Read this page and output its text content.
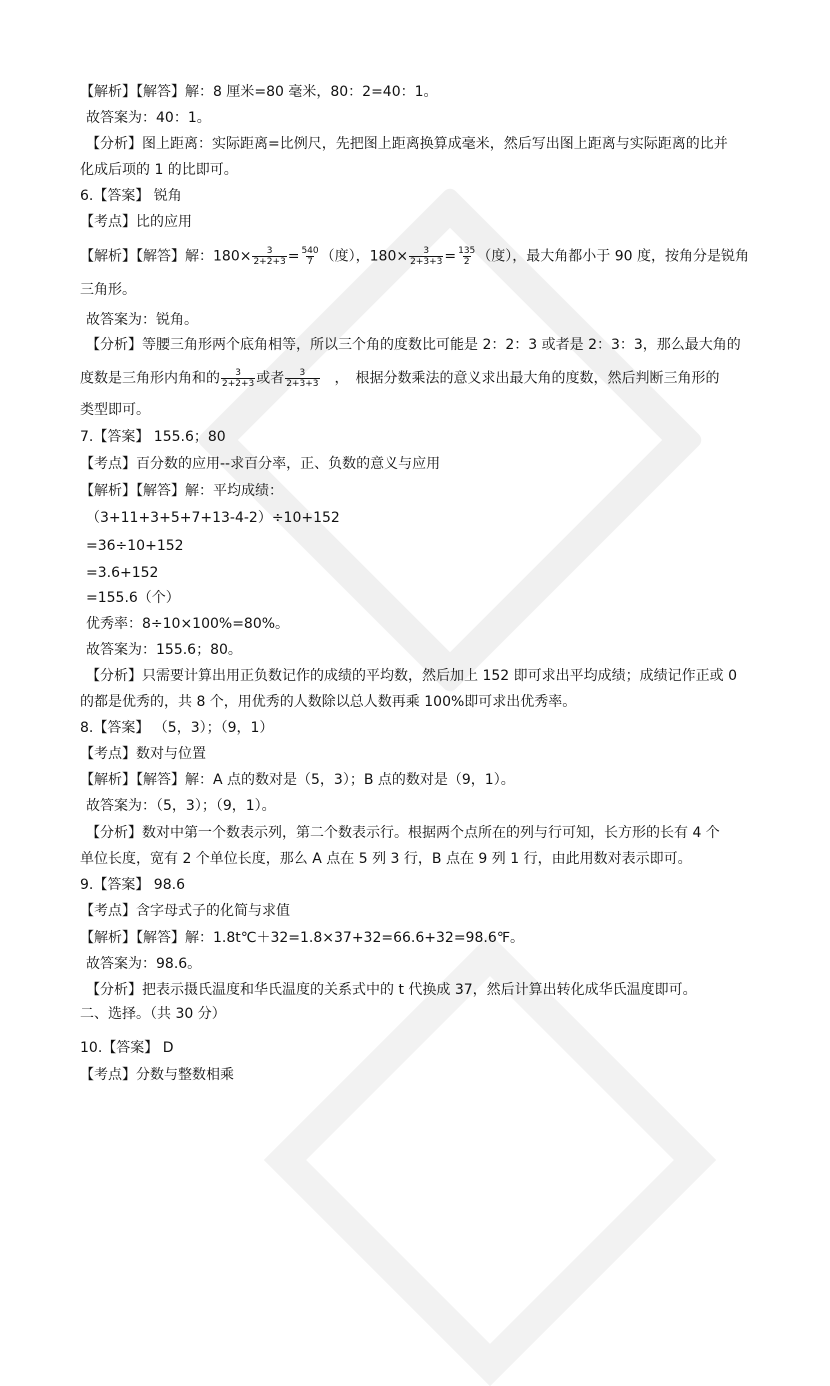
【解析】【解答】解：8 厘米=80 毫米，80：2=40：1。
故答案为：40：1。
【分析】图上距离：实际距离=比例尺，先把图上距离换算成毫米，然后写出图上距离与实际距离的比并
化成后项的 1 的比即可。
6.【答案】 锐角
【考点】比的应用
【解析】【解答】解：$180\times \frac{3}{2+2+3} = \frac{540}{7}$ （度），$180\times \frac{3}{2+3+3} = \frac{135}{2}$ （度），最大角都小于 90 度，按角分是锐角
三角形。
故答案为：锐角。
【分析】等腰三角形两个底角相等，所以三个角的度数比可能是 2：2：3 或者是 2：3：3，那么最大角的
度数是三角形内角和的 $\frac{3}{2+2+3}$ 或者 $\frac{3}{2+3+3}$ 　，　根据分数乘法的意义求出最大角的度数，然后判断三角形的
类型即可。
7.【答案】 155.6；80
【考点】百分数的应用--求百分率，正、负数的意义与应用
【解析】【解答】解：平均成绩：
（3+11+3+5+7+13-4-2）÷10+152
=36÷10+152
=3.6+152
=155.6（个）
优秀率：8÷10×100%=80%。
故答案为：155.6；80。
【分析】只需要计算出用正负数记作的成绩的平均数，然后加上 152 即可求出平均成绩；成绩记作正或 0
的都是优秀的，共 8 个，用优秀的人数除以总人数再乘 100%即可求出优秀率。
8.【答案】 （5，3）；（9，1）
【考点】数对与位置
【解析】【解答】解：A 点的数对是（5，3）；B 点的数对是（9，1）。
故答案为：（5，3）；（9，1）。
【分析】数对中第一个数表示列，第二个数表示行。根据两个点所在的列与行可知，长方形的长有 4 个
单位长度，宽有 2 个单位长度，那么 A 点在 5 列 3 行，B 点在 9 列 1 行，由此用数对表示即可。
9.【答案】 98.6
【考点】含字母式子的化简与求值
【解析】【解答】解：1.8t℃＋32=1.8×37+32=66.6+32=98.6℉。
故答案为：98.6。
【分析】把表示摄氏温度和华氏温度的关系式中的 t 代换成 37，然后计算出转化成华氏温度即可。
二、选择。（共 30 分）
10.【答案】 D
【考点】分数与整数相乘
